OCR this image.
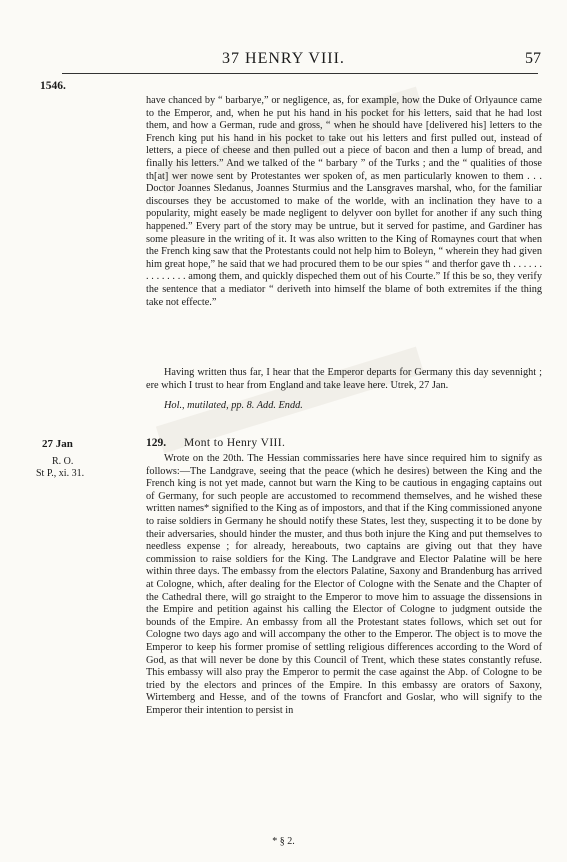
37 HENRY VIII.	57
1546.

have chanced by “ barbarye,” or negligence, as, for example, how the Duke of Orlyaunce came to the Emperor, and, when he put his hand in his pocket for his letters, said that he had lost them, and how a German, rude and gross, “ when he should have [delivered his] letters to the French king put his hand in his pocket to take out his letters and first pulled out, instead of letters, a piece of cheese and then pulled out a piece of bacon and then a lump of bread, and finally his letters.” And we talked of the “ barbary ” of the Turks ; and the “ qualities of those th[at] wer nowe sent by Protestantes wer spoken of, as men particularly knowen to them . . . Doctor Joannes Sledanus, Joannes Sturmius and the Lansgraves marshal, who, for the familiar discourses they be accustomed to make of the worlde, with an inclination they have to a popularity, might easely be made negligent to delyver oon byllet for another if any such thing happened.” Every part of the story may be untrue, but it served for pastime, and Gardiner has some pleasure in the writing of it. It was also written to the King of Romaynes court that when the French king saw that the Protestants could not help him to Boleyn, “ wherein they had given him great hope,” he said that we had procured them to be our spies “ and therfor gave th . . . . . . . . . . . . . . among them, and quickly dispeched them out of his Courte.” If this be so, they verify the sentence that a mediator “ deriveth into himself the blame of both extremites if the thing take not effecte.”

Having written thus far, I hear that the Emperor departs for Germany this day sevennight ; ere which I trust to hear from England and take leave here. Utrek, 27 Jan.

Hol., mutilated, pp. 8. Add. Endd.
27 Jan	129. Mont to Henry VIII.
R. O.
St P., xi. 31.

Wrote on the 20th. The Hessian commissaries here have since required him to signify as follows:—The Landgrave, seeing that the peace (which he desires) between the King and the French king is not yet made, cannot but warn the King to be cautious in engaging captains out of Germany, for such people are accustomed to recommend themselves, and he wished these written names* signified to the King as of impostors, and that if the King commissioned anyone to raise soldiers in Germany he should notify these States, lest they, suspecting it to be done by their adversaries, should hinder the muster, and thus both injure the King and put themselves to needless expense ; for already, hereabouts, two captains are giving out that they have commission to raise soldiers for the King. The Landgrave and Elector Palatine will be here within three days. The embassy from the electors Palatine, Saxony and Brandenburg has arrived at Cologne, which, after dealing for the Elector of Cologne with the Senate and the Chapter of the Cathedral there, will go straight to the Emperor to move him to assuage the dissensions in the Empire and petition against his calling the Elector of Cologne to judgment outside the bounds of the Empire. An embassy from all the Protestant states follows, which set out for Cologne two days ago and will accompany the other to the Emperor. The object is to move the Emperor to keep his former promise of settling religious differences according to the Word of God, as that will never be done by this Council of Trent, which these states constantly refuse. This embassy will also pray the Emperor to permit the case against the Abp. of Cologne to be tried by the electors and princes of the Empire. In this embassy are orators of Saxony, Wirtemberg and Hesse, and of the towns of Francfort and Goslar, who will signify to the Emperor their intention to persist in

* § 2.
